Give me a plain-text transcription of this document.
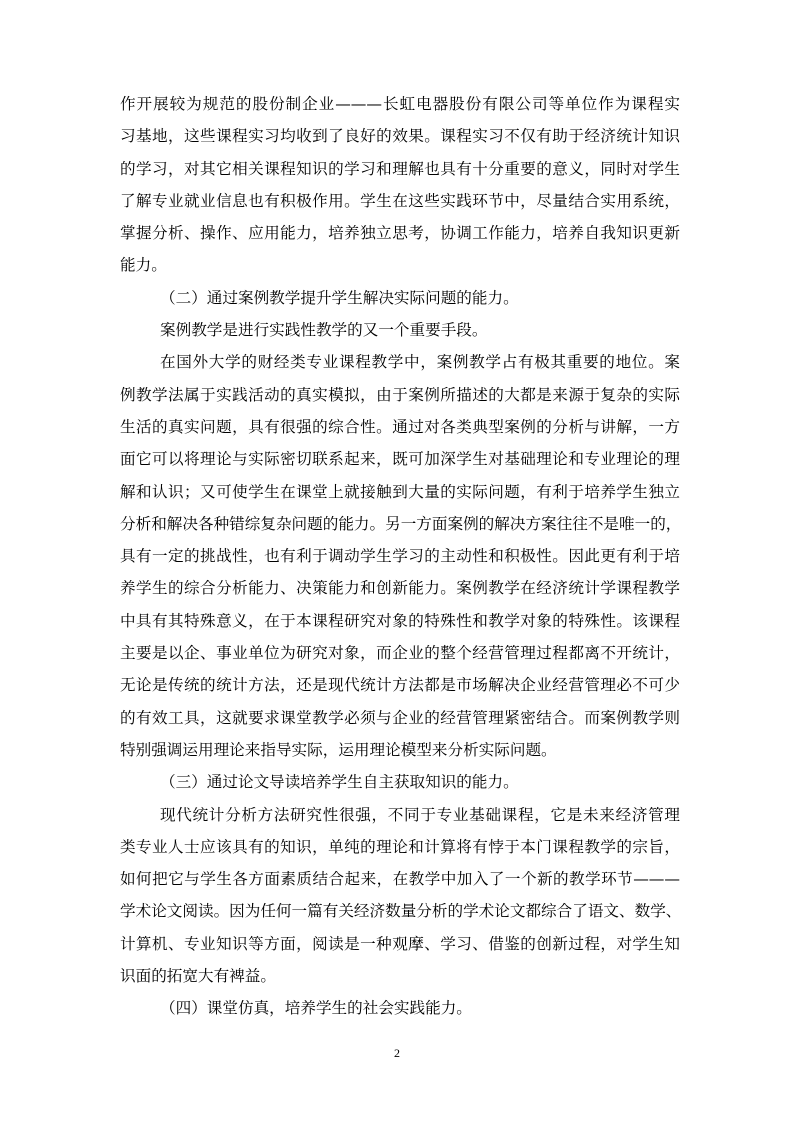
作开展较为规范的股份制企业———长虹电器股份有限公司等单位作为课程实
习基地，这些课程实习均收到了良好的效果。课程实习不仅有助于经济统计知识
的学习，对其它相关课程知识的学习和理解也具有十分重要的意义，同时对学生
了解专业就业信息也有积极作用。学生在这些实践环节中，尽量结合实用系统，
掌握分析、操作、应用能力，培养独立思考，协调工作能力，培养自我知识更新
能力。

（二）通过案例教学提升学生解决实际问题的能力。

案例教学是进行实践性教学的又一个重要手段。

在国外大学的财经类专业课程教学中，案例教学占有极其重要的地位。案
例教学法属于实践活动的真实模拟，由于案例所描述的大都是来源于复杂的实际
生活的真实问题，具有很强的综合性。通过对各类典型案例的分析与讲解，一方
面它可以将理论与实际密切联系起来，既可加深学生对基础理论和专业理论的理
解和认识；又可使学生在课堂上就接触到大量的实际问题，有利于培养学生独立
分析和解决各种错综复杂问题的能力。另一方面案例的解决方案往往不是唯一的，
具有一定的挑战性，也有利于调动学生学习的主动性和积极性。因此更有利于培
养学生的综合分析能力、决策能力和创新能力。案例教学在经济统计学课程教学
中具有其特殊意义，在于本课程研究对象的特殊性和教学对象的特殊性。该课程
主要是以企、事业单位为研究对象，而企业的整个经营管理过程都离不开统计，
无论是传统的统计方法，还是现代统计方法都是市场解决企业经营管理必不可少
的有效工具，这就要求课堂教学必须与企业的经营管理紧密结合。而案例教学则
特别强调运用理论来指导实际，运用理论模型来分析实际问题。

（三）通过论文导读培养学生自主获取知识的能力。

现代统计分析方法研究性很强，不同于专业基础课程，它是未来经济管理
类专业人士应该具有的知识，单纯的理论和计算将有悖于本门课程教学的宗旨，
如何把它与学生各方面素质结合起来，在教学中加入了一个新的教学环节———
学术论文阅读。因为任何一篇有关经济数量分析的学术论文都综合了语文、数学、
计算机、专业知识等方面，阅读是一种观摩、学习、借鉴的创新过程，对学生知
识面的拓宽大有裨益。

（四）课堂仿真，培养学生的社会实践能力。

2
